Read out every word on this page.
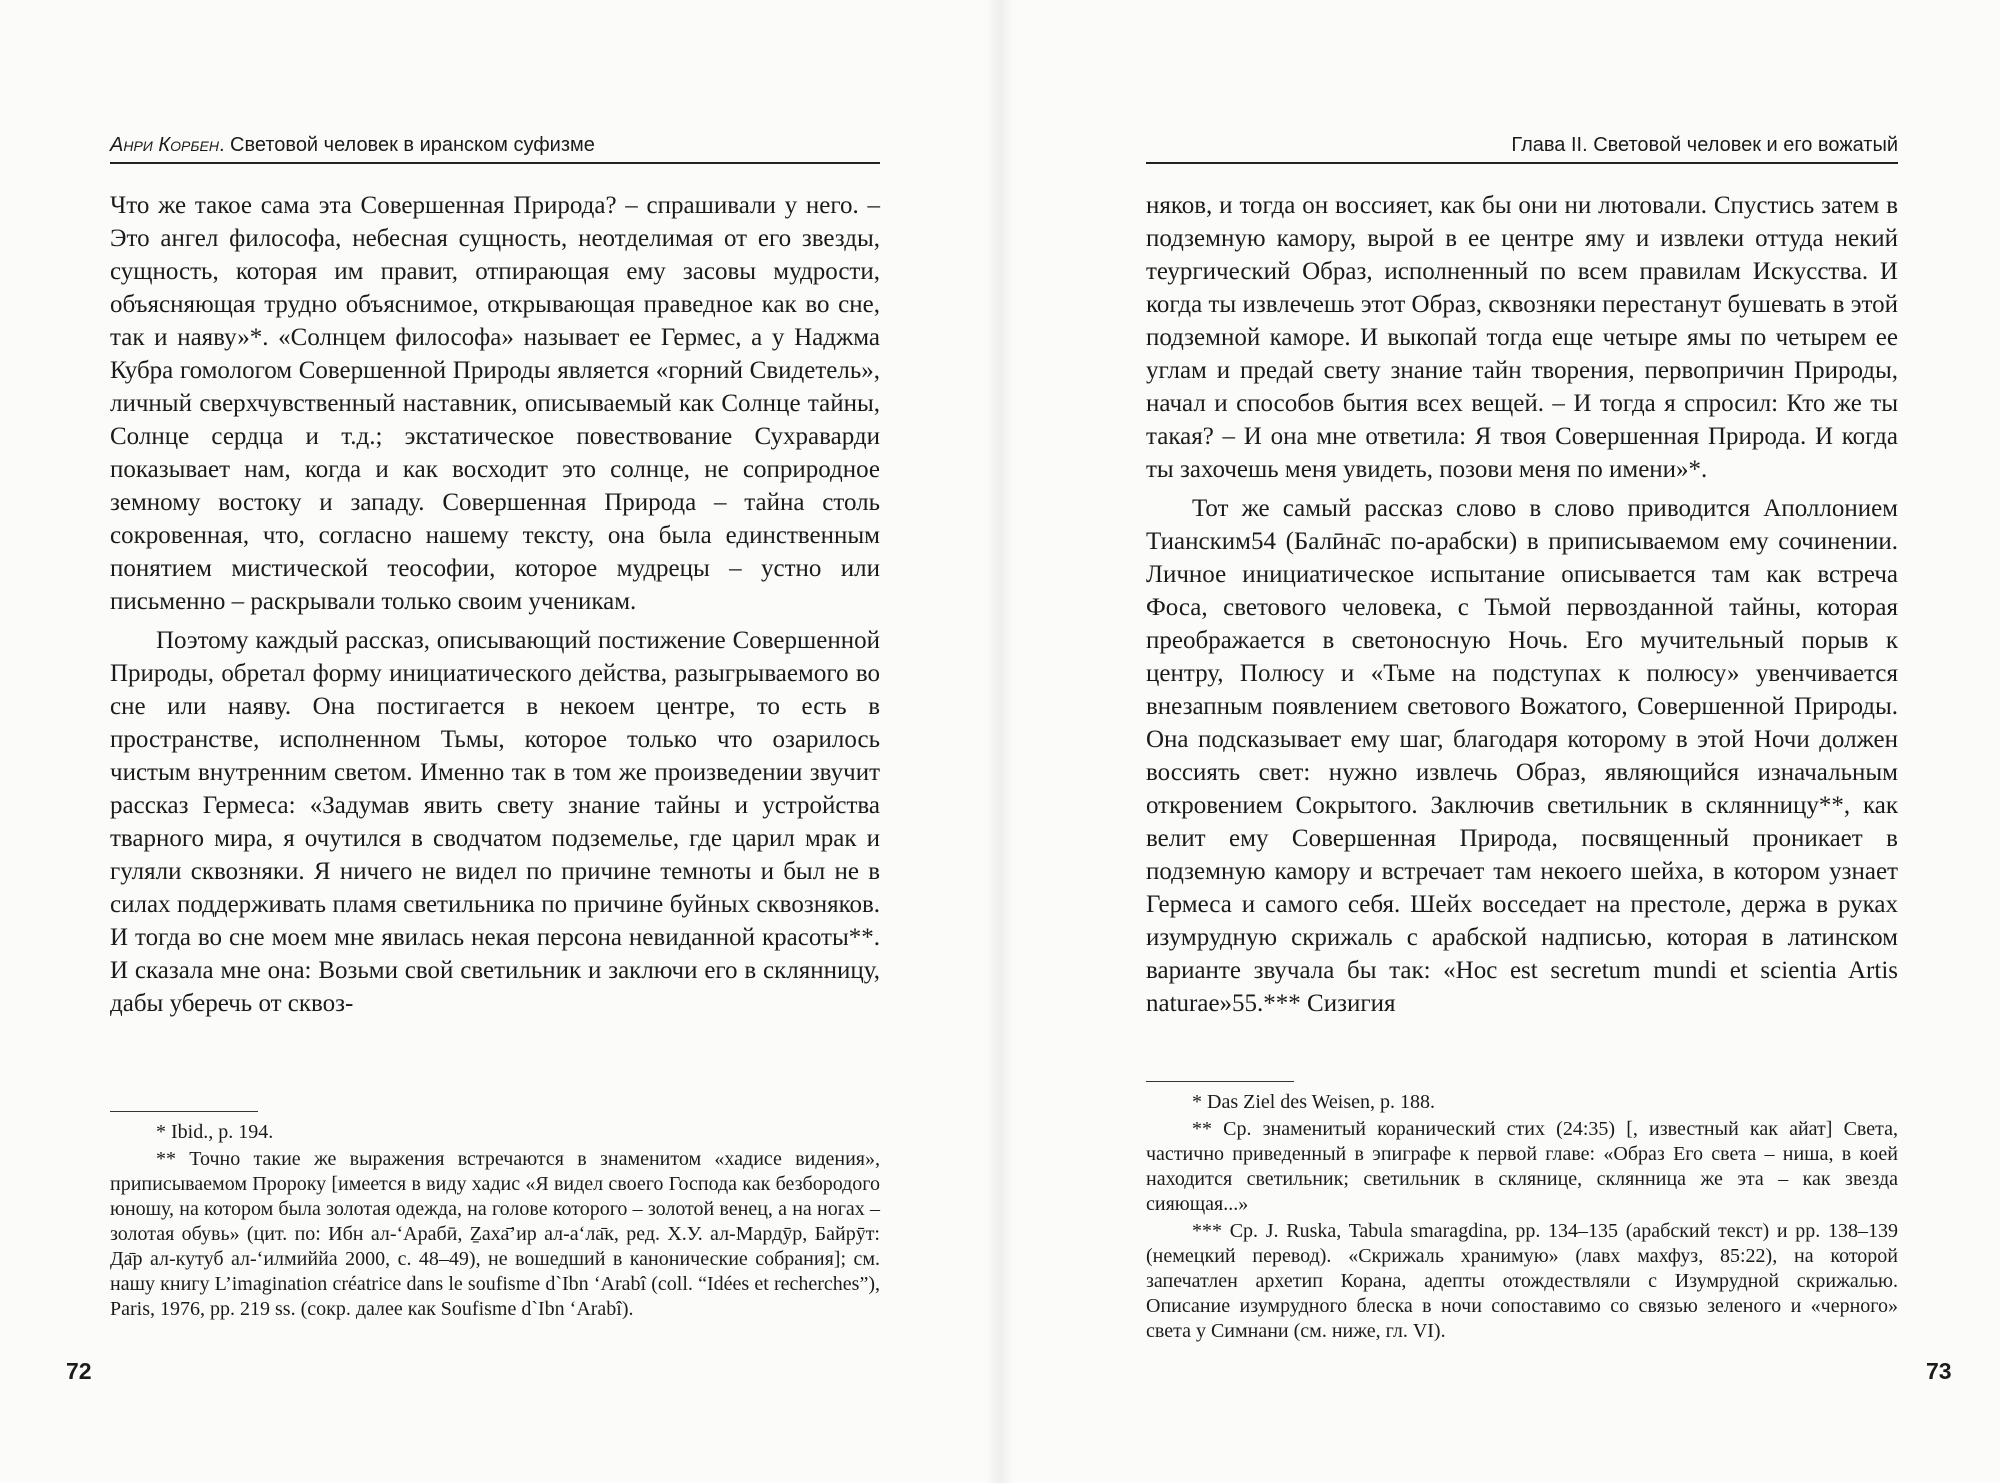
Анри Корбен. Световой человек в иранском суфизме

Что же такое сама эта Совершенная Природа? – спрашивали у него. – Это ангел философа, небесная сущность, неотделимая от его звезды, сущность, которая им правит, отпирающая ему засовы мудрости, объясняющая трудно объяснимое, открывающая праведное как во сне, так и наяву»*. «Солнцем философа» называет ее Гермес, а у Наджма Кубра гомологом Совершенной Природы является «горний Свидетель», личный сверхчувственный наставник, описываемый как Солнце тайны, Солнце сердца и т.д.; экстатическое повествование Сухраварди показывает нам, когда и как восходит это солнце, не соприродное земному востоку и западу. Совершенная Природа – тайна столь сокровенная, что, согласно нашему тексту, она была единственным понятием мистической теософии, которое мудрецы – устно или письменно – раскрывали только своим ученикам.

Поэтому каждый рассказ, описывающий постижение Совершенной Природы, обретал форму инициатического действа, разыгрываемого во сне или наяву. Она постигается в некоем центре, то есть в пространстве, исполненном Тьмы, которое только что озарилось чистым внутренним светом. Именно так в том же произведении звучит рассказ Гермеса: «Задумав явить свету знание тайны и устройства тварного мира, я очутился в сводчатом подземелье, где царил мрак и гуляли сквозняки. Я ничего не видел по причине темноты и был не в силах поддерживать пламя светильника по причине буйных сквозняков. И тогда во сне моем мне явилась некая персона невиданной красоты**. И сказала мне она: Возьми свой светильник и заключи его в склянницу, дабы уберечь от сквоз-

* Ibid., p. 194.

** Точно такие же выражения встречаются в знаменитом «хадисе видения», приписываемом Пророку [имеется в виду хадис «Я видел своего Господа как безбородого юношу, на котором была золотая одежда, на голове которого – золотой венец, а на ногах – золотая обувь» (цит. по: Ибн ал-‘Арабӣ, Ẕаха̄’ир ал-а‘ла̄к, ред. Х.У. ал-Мардӯр, Байрӯт: Да̄р ал-кутуб ал-‘илмиййа 2000, с. 48–49), не вошедший в канонические собрания]; см. нашу книгу L’imagination créatrice dans le soufisme d`Ibn ‘Arabî (coll. “Idées et recherches”), Paris, 1976, pp. 219 ss. (сокр. далее как Soufisme d`Ibn ‘Arabî).

72
Глава II. Световой человек и его вожатый

няков, и тогда он воссияет, как бы они ни лютовали. Спустись затем в подземную камору, вырой в ее центре яму и извлеки оттуда некий теургический Образ, исполненный по всем правилам Искусства. И когда ты извлечешь этот Образ, сквозняки перестанут бушевать в этой подземной каморе. И выкопай тогда еще четыре ямы по четырем ее углам и предай свету знание тайн творения, первопричин Природы, начал и способов бытия всех вещей. – И тогда я спросил: Кто же ты такая? – И она мне ответила: Я твоя Совершенная Природа. И когда ты захочешь меня увидеть, позови меня по имени»*.

Тот же самый рассказ слово в слово приводится Аполлонием Тианским54 (Балӣна̄с по-арабски) в приписываемом ему сочинении. Личное инициатическое испытание описывается там как встреча Фоса, светового человека, с Тьмой первозданной тайны, которая преображается в светоносную Ночь. Его мучительный порыв к центру, Полюсу и «Тьме на подступах к полюсу» увенчивается внезапным появлением светового Вожатого, Совершенной Природы. Она подсказывает ему шаг, благодаря которому в этой Ночи должен воссиять свет: нужно извлечь Образ, являющийся изначальным откровением Сокрытого. Заключив светильник в склянницу**, как велит ему Совершенная Природа, посвященный проникает в подземную камору и встречает там некоего шейха, в котором узнает Гермеса и самого себя. Шейх восседает на престоле, держа в руках изумрудную скрижаль с арабской надписью, которая в латинском варианте звучала бы так: «Hoc est secretum mundi et scientia Artis naturae»55.*** Сизигия

* Das Ziel des Weisen, p. 188.

** Ср. знаменитый коранический стих (24:35) [, известный как айат] Света, частично приведенный в эпиграфе к первой главе: «Образ Его света – ниша, в коей находится светильник; светильник в склянице, склянница же эта – как звезда сияющая...»

*** Ср. J. Ruska, Tabula smaragdina, pp. 134–135 (арабский текст) и pp. 138–139 (немецкий перевод). «Скрижаль хранимую» (лавх махфуз, 85:22), на которой запечатлен архетип Корана, адепты отождествляли с Изумрудной скрижалью. Описание изумрудного блеска в ночи сопоставимо со связью зеленого и «черного» света у Симнани (см. ниже, гл. VI).

73
